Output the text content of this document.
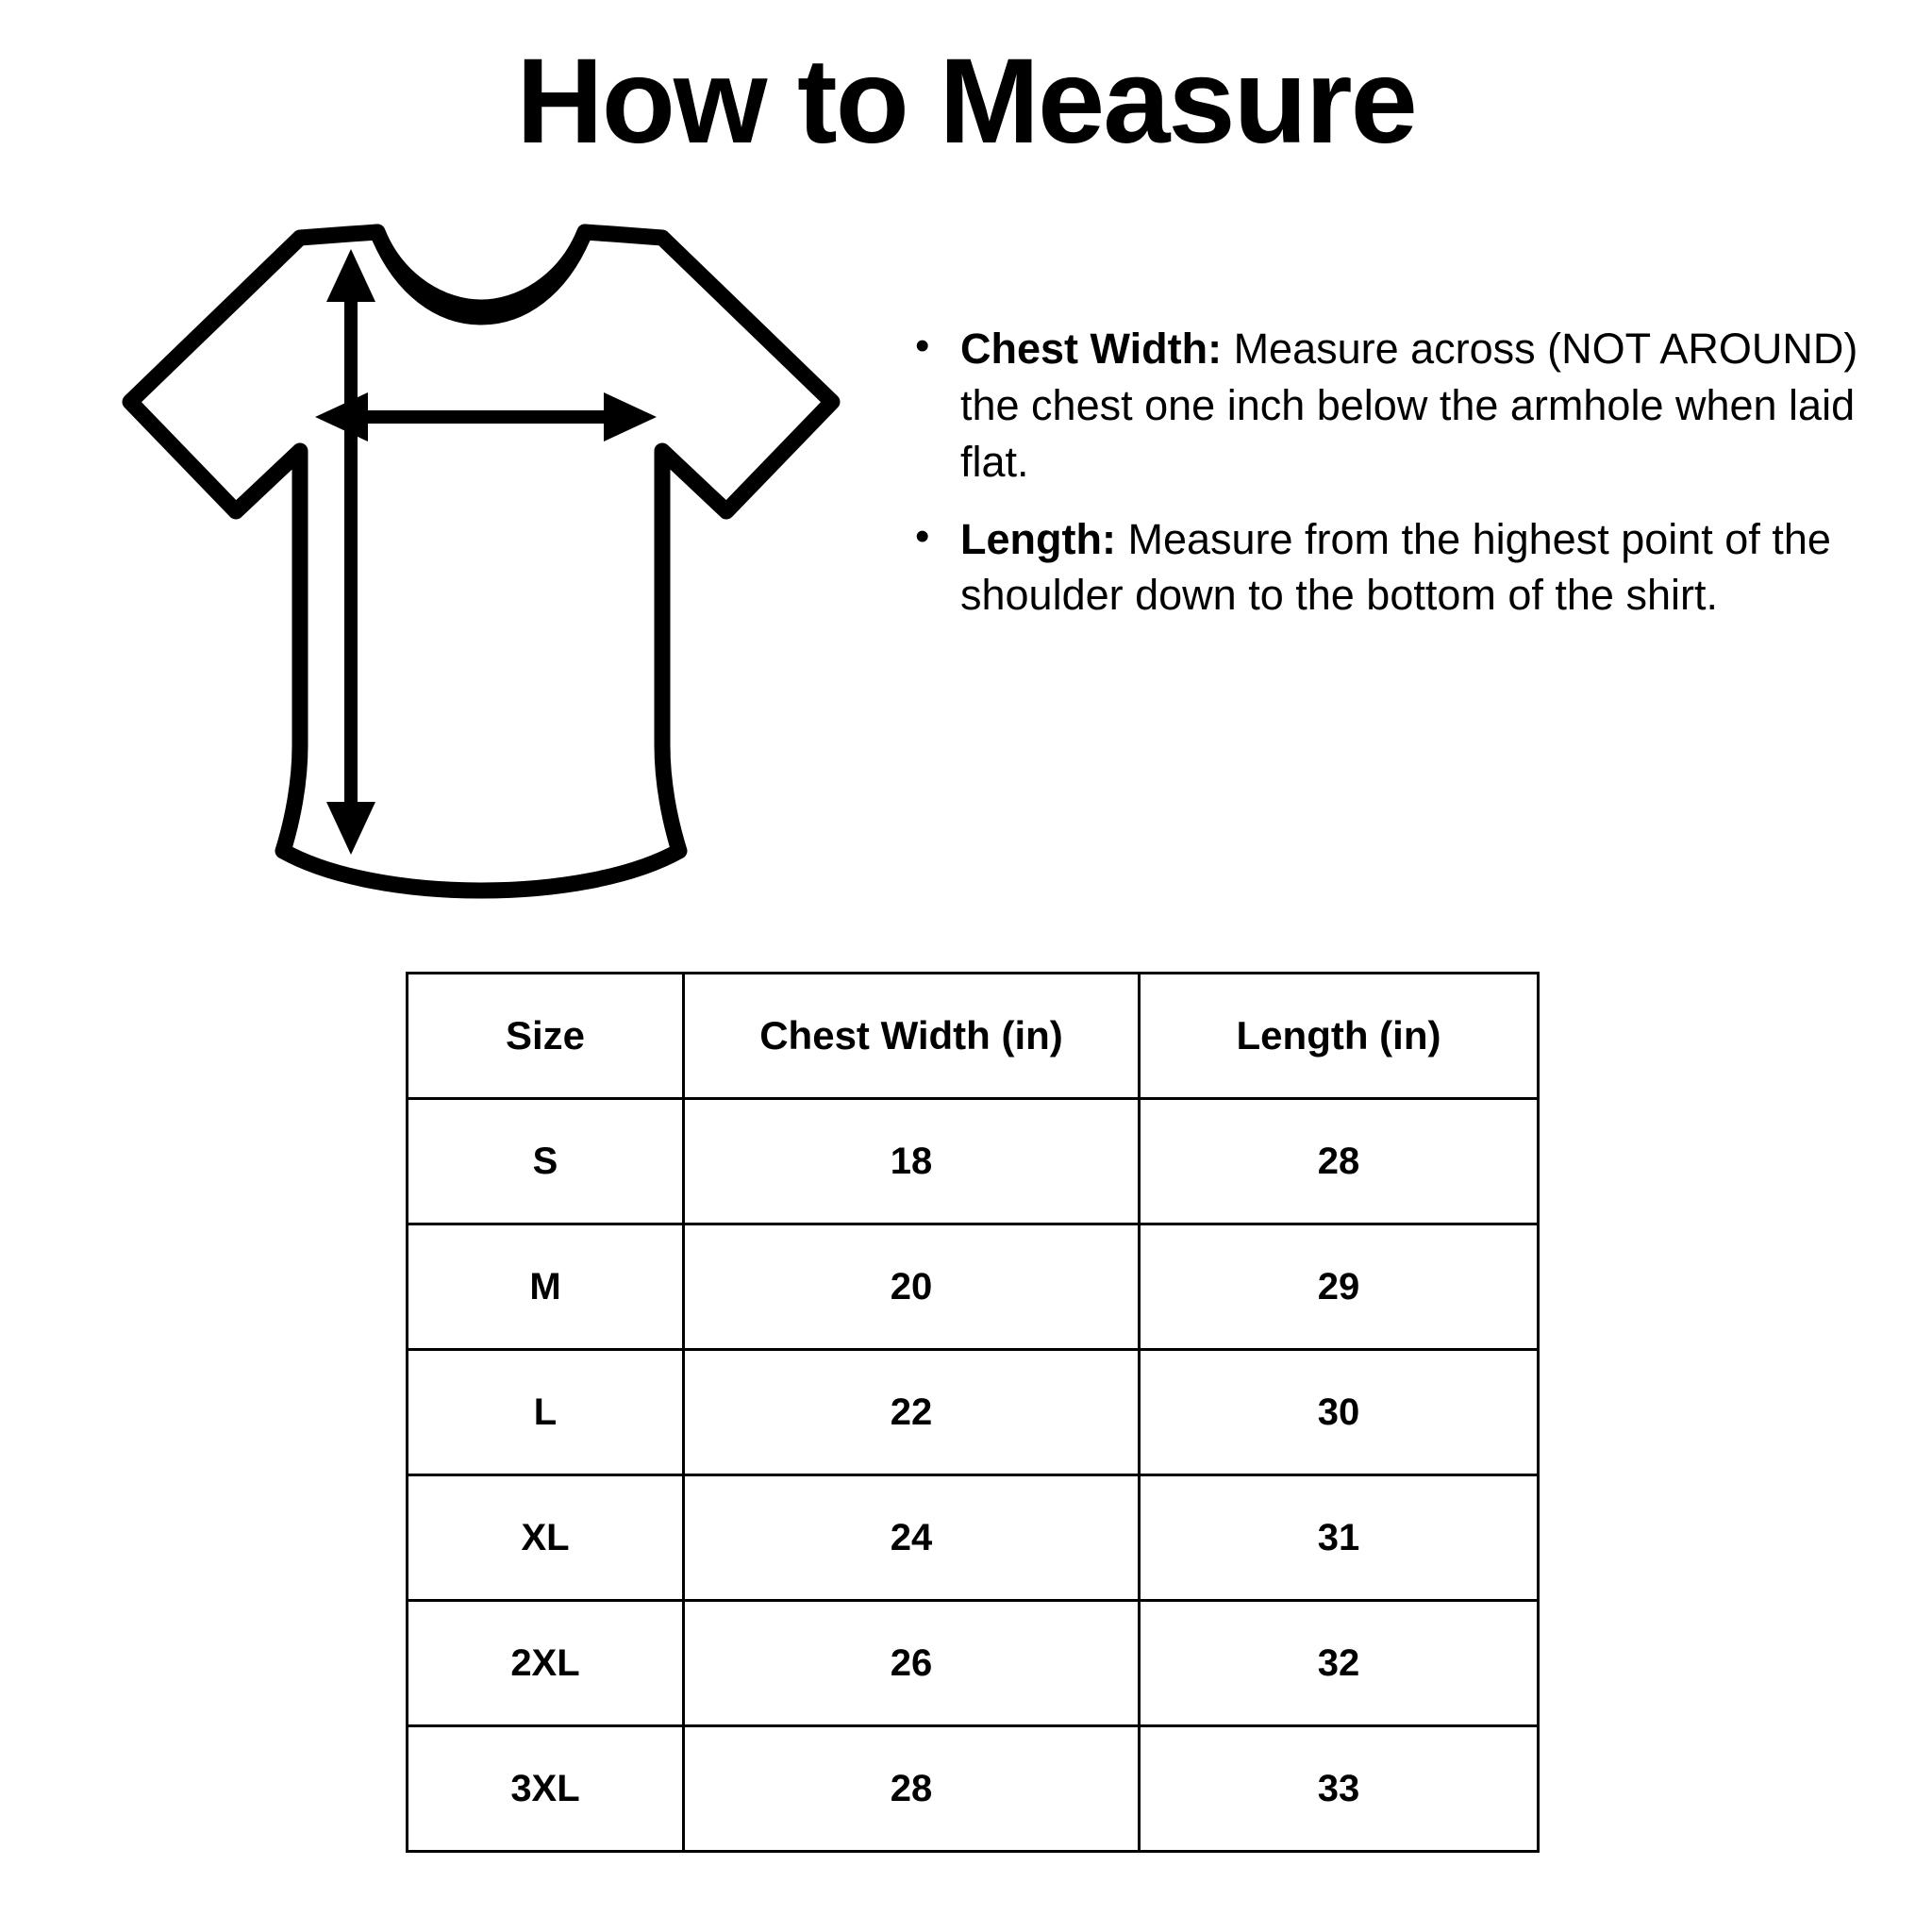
How to Measure
• Chest Width: Measure across (NOT AROUND) the chest one inch below the armhole when laid flat.
• Length: Measure from the highest point of the shoulder down to the bottom of the shirt.
Size	Chest Width (in)	Length (in)
S	18	28
M	20	29
L	22	30
XL	24	31
2XL	26	32
3XL	28	33
